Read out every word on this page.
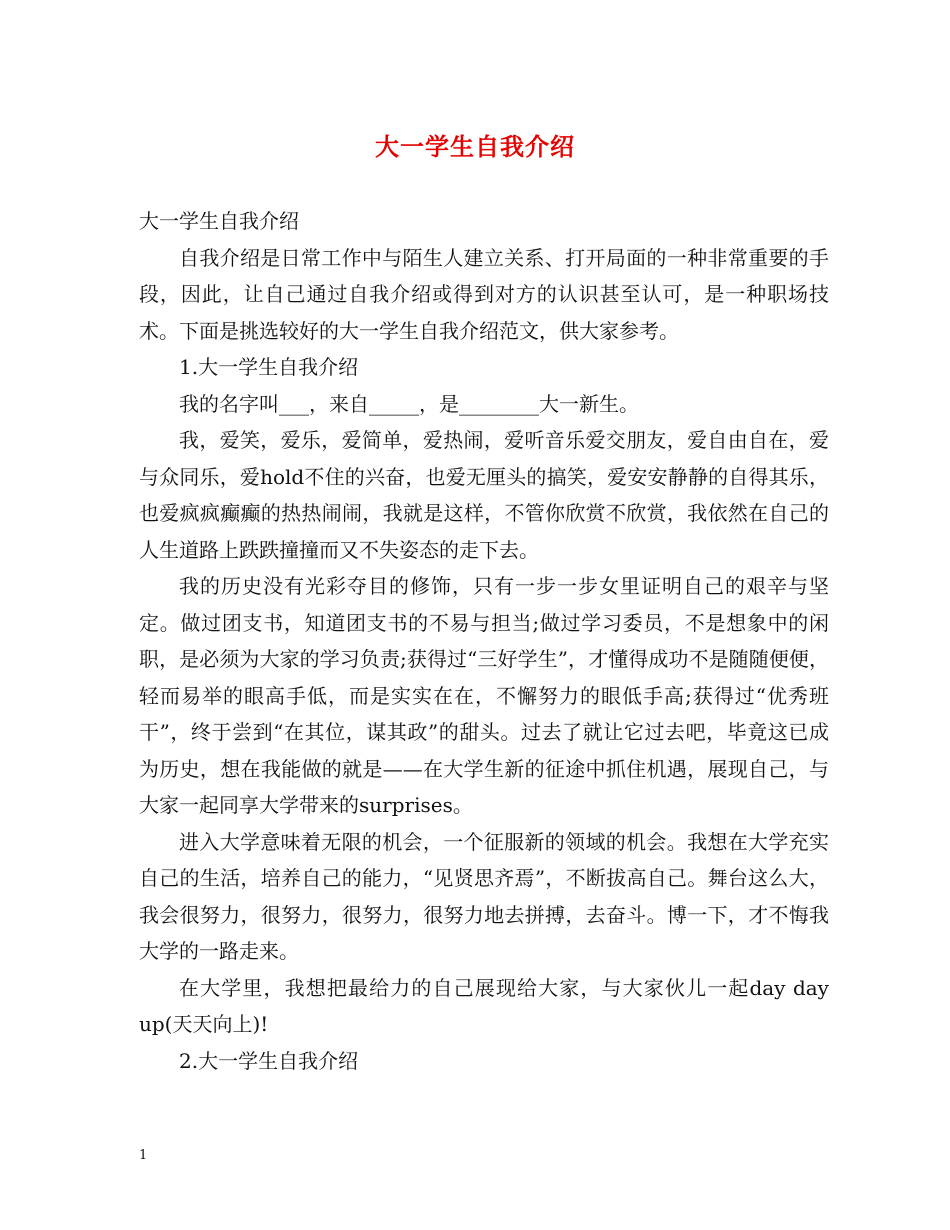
大一学生自我介绍

大一学生自我介绍

自我介绍是日常工作中与陌生人建立关系、打开局面的一种非常重要的手段，因此，让自己通过自我介绍或得到对方的认识甚至认可，是一种职场技术。下面是挑选较好的大一学生自我介绍范文，供大家参考。

1.大一学生自我介绍

我的名字叫___，来自_____，是________大一新生。

我，爱笑，爱乐，爱简单，爱热闹，爱听音乐爱交朋友，爱自由自在，爱与众同乐，爱hold不住的兴奋，也爱无厘头的搞笑，爱安安静静的自得其乐，也爱疯疯癫癫的热热闹闹，我就是这样，不管你欣赏不欣赏，我依然在自己的人生道路上跌跌撞撞而又不失姿态的走下去。

我的历史没有光彩夺目的修饰，只有一步一步女里证明自己的艰辛与坚定。做过团支书，知道团支书的不易与担当;做过学习委员，不是想象中的闲职，是必须为大家的学习负责;获得过“三好学生”，才懂得成功不是随随便便，轻而易举的眼高手低，而是实实在在，不懈努力的眼低手高;获得过“优秀班干”，终于尝到“在其位，谋其政”的甜头。过去了就让它过去吧，毕竟这已成为历史，想在我能做的就是——在大学生新的征途中抓住机遇，展现自己，与大家一起同享大学带来的surprises。

进入大学意味着无限的机会，一个征服新的领域的机会。我想在大学充实自己的生活，培养自己的能力，“见贤思齐焉”，不断拔高自己。舞台这么大，我会很努力，很努力，很努力，很努力地去拼搏，去奋斗。博一下，才不悔我大学的一路走来。

在大学里，我想把最给力的自己展现给大家，与大家伙儿一起day day up(天天向上)!

2.大一学生自我介绍

1
